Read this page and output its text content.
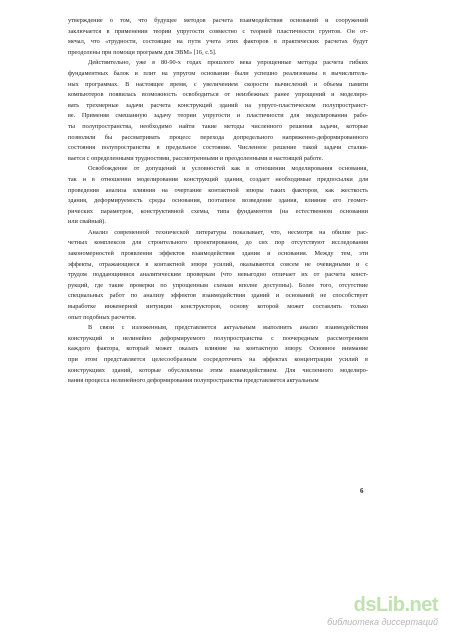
утверждение о том, что будущее методов расчета взаимодействия оснований и сооружений
заключается в применении теории упругости совместно с теорией пластичности грунтов. Он от-
мечал, что «трудности, состоящие на пути учета этих факторов в практических расчетах будут
преодолены при помощи программ для ЭВМ» [16, с.5].
Действительно, уже в 80-90-х годах прошлого века упрощенные методы расчета гибких
фундаментных балок и плит на упругом основании были успешно реализованы в вычислитель-
ных программах. В настоящее время, с увеличением скорости вычислений и объема памяти
компьютеров появилась возможность освободиться от неизбежных ранее упрощений и моделиро-
вать трехмерные задачи расчета конструкций зданий на упруго-пластическом полупространст-
ве. Применяя смешанную задачу теории упругости и пластичности для моделирования рабо-
ты полупространства, необходимо найти такие методы численного решения задачи, которые
позволяли бы рассматривать процесс перехода допредельного напряженно-деформированного
состояния полупространства в предельное состояние. Численное решение такой задачи сталки-
вается с определенными трудностями, рассмотренными и преодоленными в настоящей работе.
Освобождение от допущений и условностей как в отношении моделирования основания,
так и в отношении моделирования конструкций здания, создает необходимые предпосылки для
проведения анализа влияния на очертание контактной эпюры таких факторов, как жесткость
здания, деформируемость среды основания, поэтапное возведение здания, влияние его геомет-
рических параметров, конструктивной схемы, типа фундаментов (на естественном основании
или свайный).
Анализ современной технической литературы показывает, что, несмотря на обилие рас-
четных комплексов для строительного проектирования, до сих пор отсутствуют исследования
закономерностей проявления эффектов взаимодействия здания и основания. Между тем, эти
эффекты, отражающиеся в контактной эпюре усилий, оказываются совсем не очевидными и с
трудом поддающимися аналитическим проверкам (что невыгодно отличает их от расчета конст-
рукций, где такие проверки по упрощенным схемам вполне доступны). Более того, отсутствие
специальных работ по анализу эффектов взаимодействия зданий и оснований не способствует
выработке инженерной интуиции конструкторов, основу которой может составлять только
опыт подобных расчетов.
В связи с изложенным, представляется актуальным выполнить анализ взаимодействия
конструкций и нелинейно деформируемого полупространства с поочередным рассмотрением
каждого фактора, который может оказать влияние на контактную эпюру. Основное внимание
при этом представляется целесообразным сосредоточить на эффектах концентрации усилий в
конструкциях зданий, которые обусловлены этим взаимодействием. Для численного моделиро-
вания процесса нелинейного деформирования полупространства представляется актуальным
6
dsLib.net
библиотека диссертаций
